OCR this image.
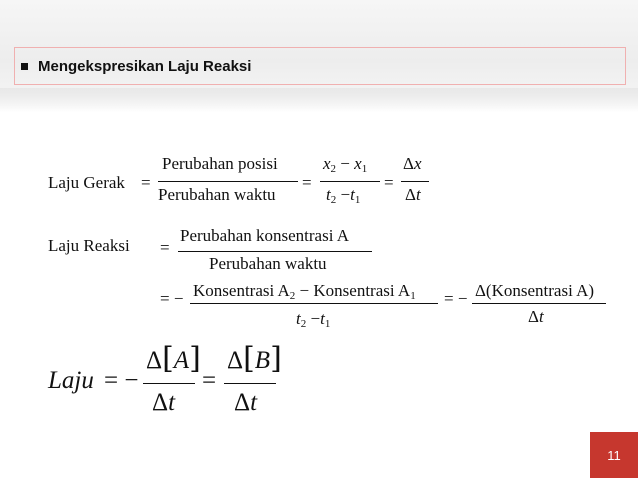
Mengekspresikan Laju Reaksi
Laju Gerak =
Perubahan posisi
Perubahan waktu
=
$x_2 - x_1$
$t_2 -t_1$
=
Δx
Δt
Laju Reaksi =
Perubahan konsentrasi A
Perubahan waktu
= − Konsentrasi $A_2$ − Konsentrasi $A_1$
$t_2 -t_1$
= − Δ(Konsentrasi A)
Δt
Laju = −
Δ[A]
Δt
=
Δ[B]
Δt
11
